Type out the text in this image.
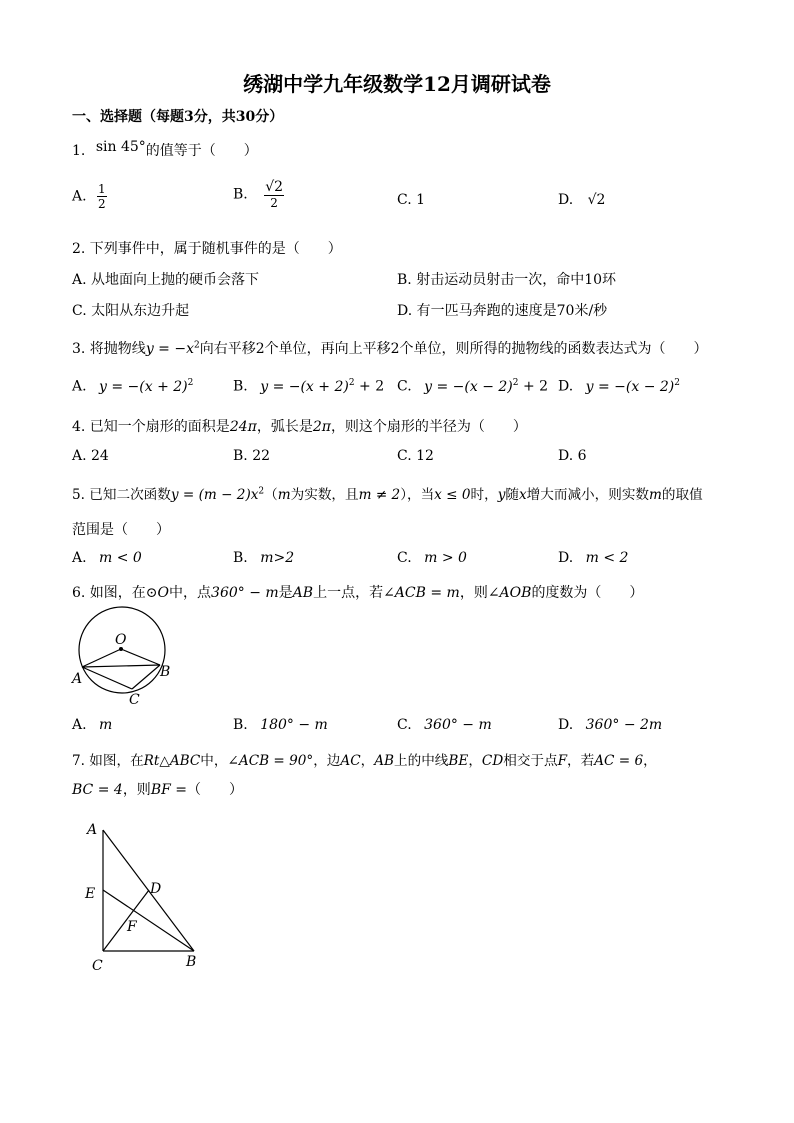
绣湖中学九年级数学12月调研试卷
一、选择题（每题3分，共30分）
1. sin 45°的值等于（　　）
A. $\frac{1}{2}$	B. $\frac{√2}{2}$	C. 1	D. √2
2. 下列事件中，属于随机事件的是（　　）
A. 从地面向上抛的硬币会落下	B. 射击运动员射击一次，命中10环
C. 太阳从东边升起	D. 有一匹马奔跑的速度是70米/秒
3. 将抛物线$y = -x^2$向右平移2个单位，再向上平移2个单位，则所得的抛物线的函数表达式为（　　）
A. $y = -(x + 2)^2$	B. $y = -(x + 2)^2 + 2$ C. $y = -(x - 2)^2 + 2$ D. $y = -(x - 2)^2$
4. 已知一个扇形的面积是24π，弧长是2π，则这个扇形的半径为（　　）
A. 24	B. 22	C. 12	D. 6
5. 已知二次函数$y = (m - 2)x^2(m$为实数，且m ≠ 2），当x ≤ 0时，y随x增大而减小，则实数m的取值
范围是（　　）
A. m < 0	B. m>2	C. m > 0	D. m < 2
6. 如图，在⊙O中，点360° − m是AB上一点，若∠ACB = m，则∠AOB的度数为（　　）
O
A	B
C
A. m	B. 180° − m	C. 360° − m	D. 360° − 2m
7. 如图，在Rt△ABC中，∠ACB = 90°，边AC，AB上的中线BE，CD相交于点F，若AC = 6，
BC = 4，则BF =（　　）
A
E	D
F
C	B
